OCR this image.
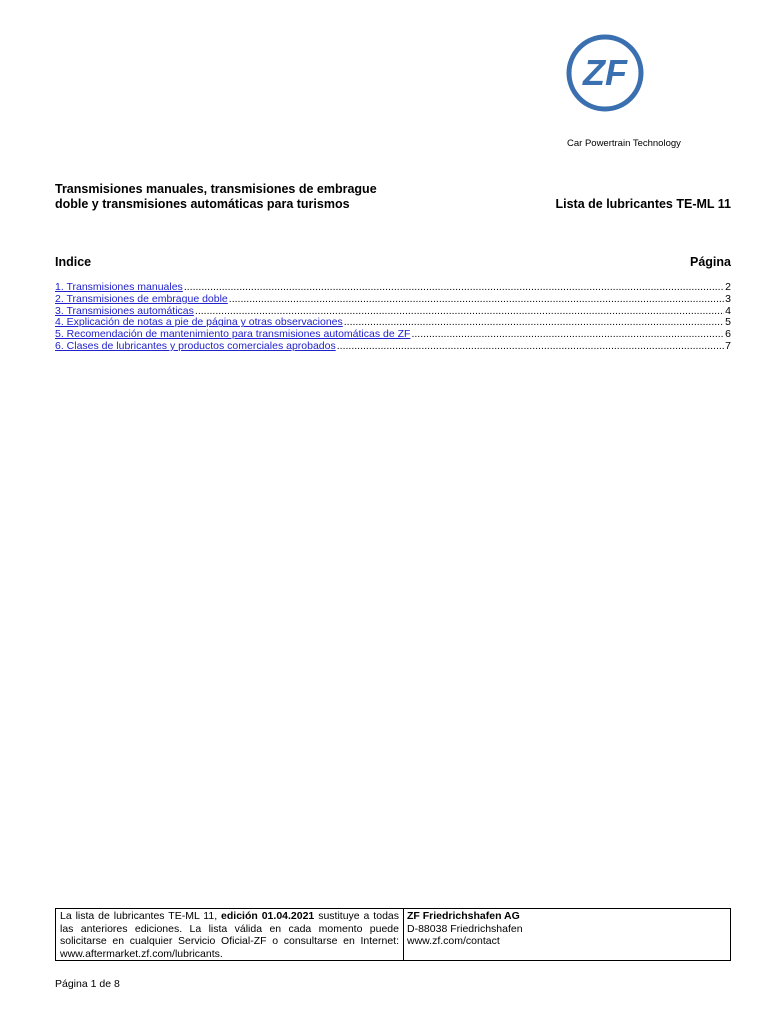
ZF
Car Powertrain Technology
Transmisiones manuales, transmisiones de embrague
doble y transmisiones automáticas para turismos	Lista de lubricantes TE-ML 11
Indice	Página
1. Transmisiones manuales .....	2
2. Transmisiones de embrague doble .....	3
3. Transmisiones automáticas .....	4
4. Explicación de notas a pie de página y otras observaciones .....	5
5. Recomendación de mantenimiento para transmisiones automáticas de ZF .....	6
6. Clases de lubricantes y productos comerciales aprobados .....	7
La lista de lubricantes TE-ML 11, edición 01.04.2021 sustituye a todas las anteriores ediciones. La lista válida en cada momento puede solicitarse en cualquier Servicio Oficial-ZF o consultarse en Internet: www.aftermarket.zf.com/lubricants.
ZF Friedrichshafen AG
D-88038 Friedrichshafen
www.zf.com/contact
Página 1 de 8
